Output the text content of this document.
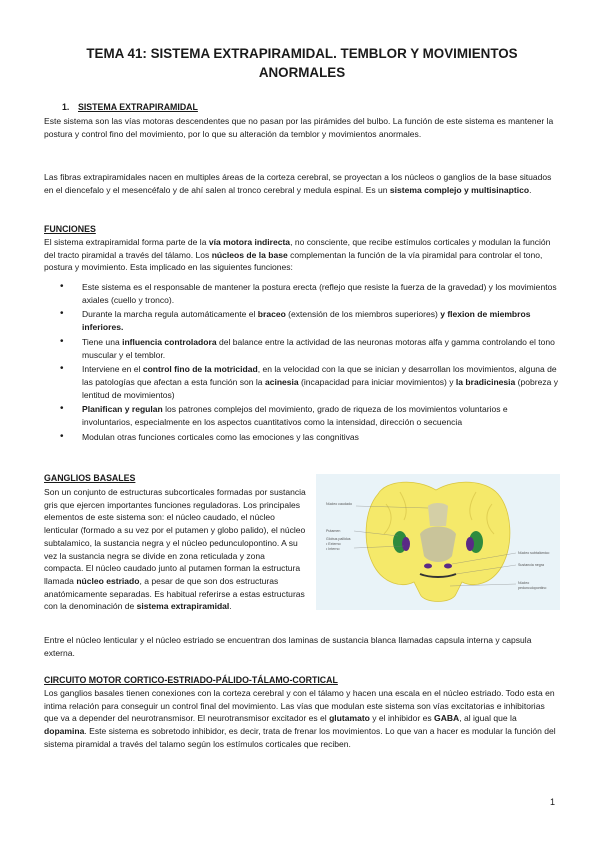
TEMA 41: SISTEMA EXTRAPIRAMIDAL. TEMBLOR Y MOVIMIENTOS ANORMALES
1. SISTEMA EXTRAPIRAMIDAL
Este sistema son las vías motoras descendentes que no pasan por las pirámides del bulbo. La función de este sistema es mantener la postura y control fino del movimiento, por lo que su alteración da temblor y movimientos anormales.
Las fibras extrapiramidales nacen en multiples áreas de la corteza cerebral, se proyectan a los núcleos o ganglios de la base situados en el diencefalo y el mesencéfalo y de ahí salen al tronco cerebral y medula espinal. Es un sistema complejo y multisinaptico.
FUNCIONES
El sistema extrapiramidal forma parte de la vía motora indirecta, no consciente, que recibe estímulos corticales y modulan la función del tracto piramidal a través del tálamo. Los núcleos de la base complementan la función de la vía piramidal para controlar el tono, postura y movimiento. Esta implicado en las siguientes funciones:
• Este sistema es el responsable de mantener la postura erecta (reflejo que resiste la fuerza de la gravedad) y los movimientos axiales (cuello y tronco).
• Durante la marcha regula automáticamente el braceo (extensión de los miembros superiores) y flexion de miembros inferiores.
• Tiene una influencia controladora del balance entre la actividad de las neuronas motoras alfa y gamma controlando el tono muscular y el temblor.
• Interviene en el control fino de la motricidad, en la velocidad con la que se inician y desarrollan los movimientos, alguna de las patologías que afectan a esta función son la acinesia (incapacidad para iniciar movimientos) y la bradicinesia (pobreza y lentitud de movimientos)
• Planifican y regulan los patrones complejos del movimiento, grado de riqueza de los movimientos voluntarios e involuntarios, especialmente en los aspectos cuantitativos como la intensidad, dirección o secuencia
• Modulan otras funciones corticales como las emociones y las congnitivas
GANGLIOS BASALES
Son un conjunto de estructuras subcorticales formadas por sustancia gris que ejercen importantes funciones reguladoras. Los principales elementos de este sistema son: el núcleo caudado, el núcleo lenticular (formado a su vez por el putamen y globo palido), el núcleo subtalamico, la sustancia negra y el núcleo pedunculopontino. A su vez la sustancia negra se divide en zona reticulada y zona compacta. El núcleo caudado junto al putamen forman la estructura llamada núcleo estriado, a pesar de que son dos estructuras anatómicamente separadas. Es habitual referirse a estas estructuras con la denominación de sistema extrapiramidal.
Entre el núcleo lenticular y el núcleo estriado se encuentran dos laminas de sustancia blanca llamadas capsula interna y capsula externa.
CIRCUITO MOTOR CORTICO-ESTRIADO-PÁLIDO-TÁLAMO-CORTICAL
Los ganglios basales tienen conexiones con la corteza cerebral y con el tálamo y hacen una escala en el núcleo estriado. Todo esta en intima relación para conseguir un control final del movimiento. Las vías que modulan este sistema son vías excitatorias e inhibitorias que va a depender del neurotransmisor. El neurotransmisor excitador es el glutamato y el inhibidor es GABA, al igual que la dopamina. Este sistema es sobretodo inhibidor, es decir, trata de frenar los movimientos. Lo que van a hacer es modular la función del sistema piramidal a través del talamo según los estímulos corticales que reciben.
Núcleo caudado
Putamen
Globus pallidus
• Externo
• Interno
Núcleo subtalámico
Sustancia negra
Núcleo
pedunculopontino
1
